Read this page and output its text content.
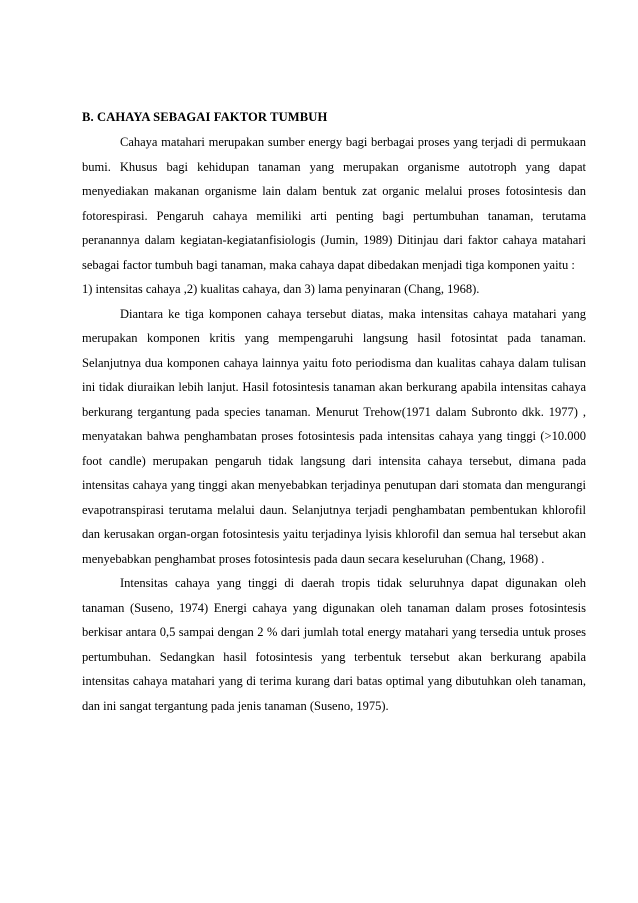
B. CAHAYA SEBAGAI FAKTOR TUMBUH

Cahaya matahari merupakan sumber energy bagi berbagai proses yang terjadi di permukaan bumi. Khusus bagi kehidupan tanaman yang merupakan organisme autotroph yang dapat menyediakan makanan organisme lain dalam bentuk zat organic melalui proses fotosintesis dan fotorespirasi. Pengaruh cahaya memiliki arti penting bagi pertumbuhan tanaman, terutama peranannya dalam kegiatan-kegiatanfisiologis (Jumin, 1989) Ditinjau dari faktor cahaya matahari sebagai factor tumbuh bagi tanaman, maka cahaya dapat dibedakan menjadi tiga komponen yaitu :

1) intensitas cahaya ,2) kualitas cahaya, dan 3) lama penyinaran (Chang, 1968).

Diantara ke tiga komponen cahaya tersebut diatas, maka intensitas cahaya matahari yang merupakan komponen kritis yang mempengaruhi langsung hasil fotosintat pada tanaman. Selanjutnya dua komponen cahaya lainnya yaitu foto periodisma dan kualitas cahaya dalam tulisan ini tidak diuraikan lebih lanjut. Hasil fotosintesis tanaman akan berkurang apabila intensitas cahaya berkurang tergantung pada species tanaman. Menurut Trehow(1971 dalam Subronto dkk. 1977) , menyatakan bahwa penghambatan proses fotosintesis pada intensitas cahaya yang tinggi (>10.000 foot candle) merupakan pengaruh tidak langsung dari intensita cahaya tersebut, dimana pada intensitas cahaya yang tinggi akan menyebabkan terjadinya penutupan dari stomata dan mengurangi evapotranspirasi terutama melalui daun. Selanjutnya terjadi penghambatan pembentukan khlorofil dan kerusakan organ-organ fotosintesis yaitu terjadinya lyisis khlorofil dan semua hal tersebut akan menyebabkan penghambat proses fotosintesis pada daun secara keseluruhan (Chang, 1968) .

Intensitas cahaya yang tinggi di daerah tropis tidak seluruhnya dapat digunakan oleh tanaman (Suseno, 1974) Energi cahaya yang digunakan oleh tanaman dalam proses fotosintesis berkisar antara 0,5 sampai dengan 2 % dari jumlah total energy matahari yang tersedia untuk proses pertumbuhan. Sedangkan hasil fotosintesis yang terbentuk tersebut akan berkurang apabila intensitas cahaya matahari yang di terima kurang dari batas optimal yang dibutuhkan oleh tanaman, dan ini sangat tergantung pada jenis tanaman (Suseno, 1975).
